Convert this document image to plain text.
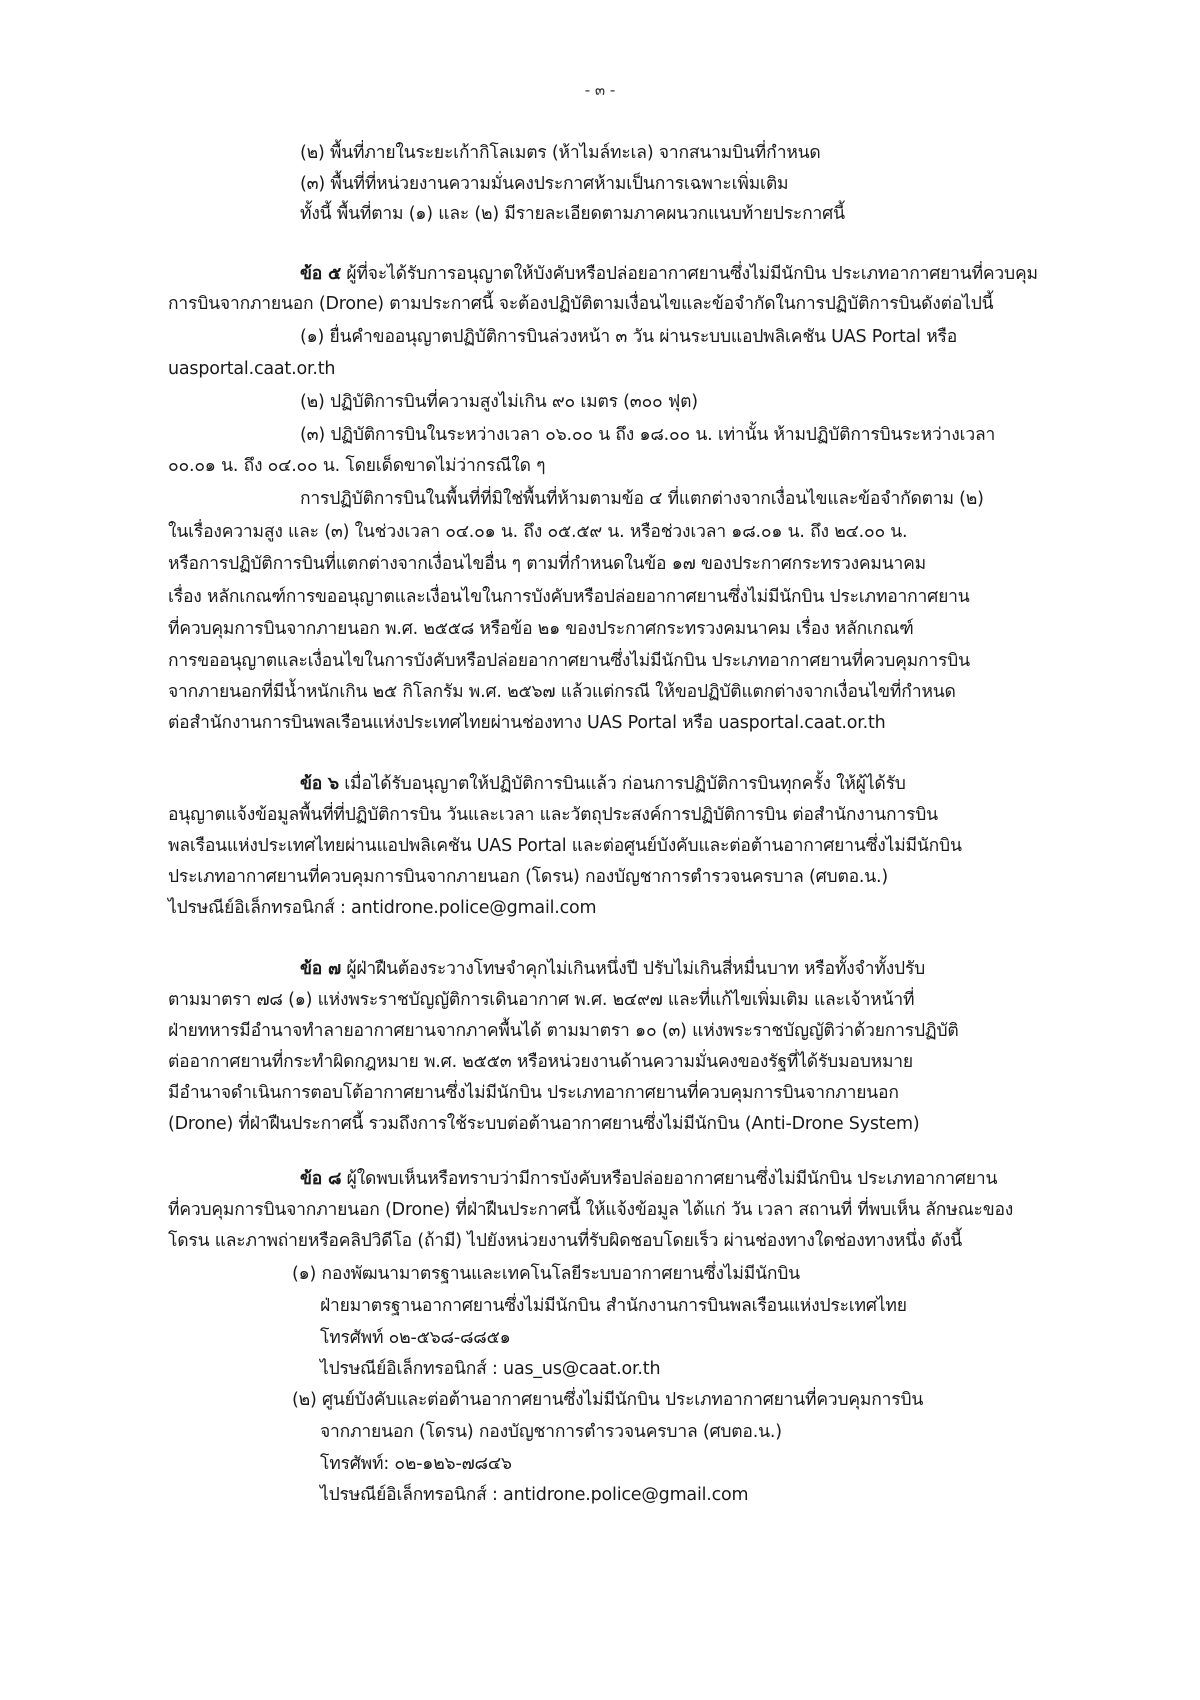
- ๓ -
(๒) พื้นที่ภายในระยะเก้ากิโลเมตร (ห้าไมล์ทะเล) จากสนามบินที่กำหนด
(๓) พื้นที่ที่หน่วยงานความมั่นคงประกาศห้ามเป็นการเฉพาะเพิ่มเติม
ทั้งนี้ พื้นที่ตาม (๑) และ (๒) มีรายละเอียดตามภาคผนวกแนบท้ายประกาศนี้
ข้อ ๕ ผู้ที่จะได้รับการอนุญาตให้บังคับหรือปล่อยอากาศยานซึ่งไม่มีนักบิน ประเภทอากาศยานที่ควบคุม
การบินจากภายนอก (Drone) ตามประกาศนี้ จะต้องปฏิบัติตามเงื่อนไขและข้อจำกัดในการปฏิบัติการบินดังต่อไปนี้
(๑) ยื่นคำขออนุญาตปฏิบัติการบินล่วงหน้า ๓ วัน ผ่านระบบแอปพลิเคชัน UAS Portal หรือ
uasportal.caat.or.th
(๒) ปฏิบัติการบินที่ความสูงไม่เกิน ๙๐ เมตร (๓๐๐ ฟุต)
(๓) ปฏิบัติการบินในระหว่างเวลา ๐๖.๐๐ น ถึง ๑๘.๐๐ น. เท่านั้น ห้ามปฏิบัติการบินระหว่างเวลา
๐๐.๐๑ น. ถึง ๐๔.๐๐ น. โดยเด็ดขาดไม่ว่ากรณีใด ๆ
การปฏิบัติการบินในพื้นที่ที่มิใช่พื้นที่ห้ามตามข้อ ๔ ที่แตกต่างจากเงื่อนไขและข้อจำกัดตาม (๒)
ในเรื่องความสูง และ (๓) ในช่วงเวลา ๐๔.๐๑ น. ถึง ๐๕.๕๙ น. หรือช่วงเวลา ๑๘.๐๑ น. ถึง ๒๔.๐๐ น.
หรือการปฏิบัติการบินที่แตกต่างจากเงื่อนไขอื่น ๆ ตามที่กำหนดในข้อ ๑๗ ของประกาศกระทรวงคมนาคม
เรื่อง หลักเกณฑ์การขออนุญาตและเงื่อนไขในการบังคับหรือปล่อยอากาศยานซึ่งไม่มีนักบิน ประเภทอากาศยาน
ที่ควบคุมการบินจากภายนอก พ.ศ. ๒๕๕๘ หรือข้อ ๒๑ ของประกาศกระทรวงคมนาคม เรื่อง หลักเกณฑ์
การขออนุญาตและเงื่อนไขในการบังคับหรือปล่อยอากาศยานซึ่งไม่มีนักบิน ประเภทอากาศยานที่ควบคุมการบิน
จากภายนอกที่มีน้ำหนักเกิน ๒๕ กิโลกรัม พ.ศ. ๒๕๖๗ แล้วแต่กรณี ให้ขอปฏิบัติแตกต่างจากเงื่อนไขที่กำหนด
ต่อสำนักงานการบินพลเรือนแห่งประเทศไทยผ่านช่องทาง UAS Portal หรือ uasportal.caat.or.th
ข้อ ๖ เมื่อได้รับอนุญาตให้ปฏิบัติการบินแล้ว ก่อนการปฏิบัติการบินทุกครั้ง ให้ผู้ได้รับ
อนุญาตแจ้งข้อมูลพื้นที่ที่ปฏิบัติการบิน วันและเวลา และวัตถุประสงค์การปฏิบัติการบิน ต่อสำนักงานการบิน
พลเรือนแห่งประเทศไทยผ่านแอปพลิเคชัน UAS Portal และต่อศูนย์บังคับและต่อต้านอากาศยานซึ่งไม่มีนักบิน
ประเภทอากาศยานที่ควบคุมการบินจากภายนอก (โดรน) กองบัญชาการตำรวจนครบาล (ศบตอ.น.)
ไปรษณีย์อิเล็กทรอนิกส์ : antidrone.police@gmail.com
ข้อ ๗ ผู้ฝ่าฝืนต้องระวางโทษจำคุกไม่เกินหนึ่งปี ปรับไม่เกินสี่หมื่นบาท หรือทั้งจำทั้งปรับ
ตามมาตรา ๗๘ (๑) แห่งพระราชบัญญัติการเดินอากาศ พ.ศ. ๒๔๙๗ และที่แก้ไขเพิ่มเติม และเจ้าหน้าที่
ฝ่ายทหารมีอำนาจทำลายอากาศยานจากภาคพื้นได้ ตามมาตรา ๑๐ (๓) แห่งพระราชบัญญัติว่าด้วยการปฏิบัติ
ต่ออากาศยานที่กระทำผิดกฎหมาย พ.ศ. ๒๕๕๓ หรือหน่วยงานด้านความมั่นคงของรัฐที่ได้รับมอบหมาย
มีอำนาจดำเนินการตอบโต้อากาศยานซึ่งไม่มีนักบิน ประเภทอากาศยานที่ควบคุมการบินจากภายนอก
(Drone) ที่ฝ่าฝืนประกาศนี้ รวมถึงการใช้ระบบต่อต้านอากาศยานซึ่งไม่มีนักบิน (Anti-Drone System)
ข้อ ๘ ผู้ใดพบเห็นหรือทราบว่ามีการบังคับหรือปล่อยอากาศยานซึ่งไม่มีนักบิน ประเภทอากาศยาน
ที่ควบคุมการบินจากภายนอก (Drone) ที่ฝ่าฝืนประกาศนี้ ให้แจ้งข้อมูล ได้แก่ วัน เวลา สถานที่ ที่พบเห็น ลักษณะของ
โดรน และภาพถ่ายหรือคลิปวิดีโอ (ถ้ามี) ไปยังหน่วยงานที่รับผิดชอบโดยเร็ว ผ่านช่องทางใดช่องทางหนึ่ง ดังนี้
(๑) กองพัฒนามาตรฐานและเทคโนโลยีระบบอากาศยานซึ่งไม่มีนักบิน
ฝ่ายมาตรฐานอากาศยานซึ่งไม่มีนักบิน สำนักงานการบินพลเรือนแห่งประเทศไทย
โทรศัพท์ ๐๒-๕๖๘-๘๘๕๑
ไปรษณีย์อิเล็กทรอนิกส์ : uas_us@caat.or.th
(๒) ศูนย์บังคับและต่อต้านอากาศยานซึ่งไม่มีนักบิน ประเภทอากาศยานที่ควบคุมการบิน
จากภายนอก (โดรน) กองบัญชาการตำรวจนครบาล (ศบตอ.น.)
โทรศัพท์: ๐๒-๑๒๖-๗๘๔๖
ไปรษณีย์อิเล็กทรอนิกส์ : antidrone.police@gmail.com
